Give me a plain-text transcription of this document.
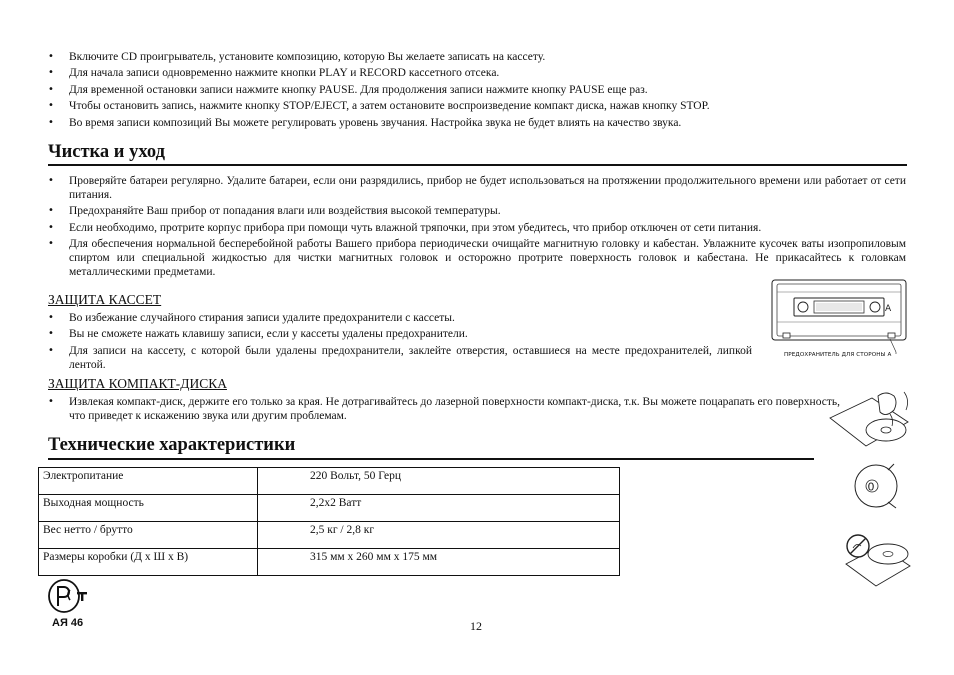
• Включите CD проигрыватель, установите композицию, которую Вы желаете записать на кассету.
• Для начала записи одновременно нажмите кнопки PLAY и RECORD кассетного отсека.
• Для временной остановки записи нажмите кнопку PAUSE. Для продолжения записи нажмите кнопку PAUSE еще раз.
• Чтобы остановить запись, нажмите кнопку STOP/EJECT, а затем остановите воспроизведение компакт диска, нажав кнопку STOP.
• Во время записи композиций Вы можете регулировать уровень звучания. Настройка звука не будет влиять на качество звука.
Чистка и уход
• Проверяйте батареи регулярно. Удалите батареи, если они разрядились, прибор не будет использоваться на протяжении продолжительного времени или работает от сети питания.
• Предохраняйте Ваш прибор от попадания влаги или воздействия высокой температуры.
• Если необходимо, протрите корпус прибора при помощи чуть влажной тряпочки, при этом убедитесь, что прибор отключен от сети питания.
• Для обеспечения нормальной бесперебойной работы Вашего прибора периодически очищайте магнитную головку и кабестан. Увлажните кусочек ваты изопропиловым спиртом или специальной жидкостью для чистки магнитных головок и осторожно протрите поверхность головок и кабестана. Не прикасайтесь к головкам металлическими предметами.
ЗАЩИТА КАССЕТ
• Во избежание случайного стирания записи удалите предохранители с кассеты.
• Вы не сможете нажать клавишу записи, если у кассеты удалены предохранители.
• Для записи на кассету, с которой были удалены предохранители, заклейте отверстия, оставшиеся на месте предохранителей, липкой лентой.
A
ПРЕДОХРАНИТЕЛЬ ДЛЯ СТОРОНЫ А
ЗАЩИТА КОМПАКТ-ДИСКА
• Извлекая компакт-диск, держите его только за края. Не дотрагивайтесь до лазерной поверхности компакт-диска, т.к. Вы можете поцарапать его поверхность, что приведет к искажению звука или другим проблемам.
0
Технические характеристики
Электропитание	220 Вольт, 50 Герц
Выходная мощность	2,2x2 Ватт
Вес нетто / брутто	2,5 кг / 2,8 кг
Размеры коробки (Д х Ш х В)	315 мм х 260 мм х 175 мм
АЯ 46	12
